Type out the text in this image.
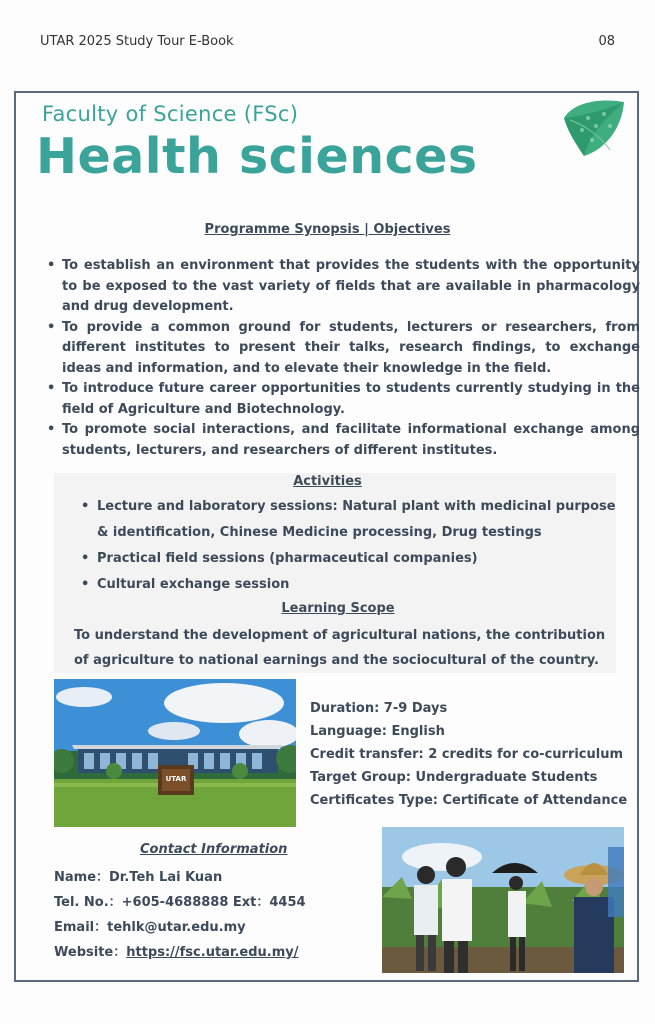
UTAR 2025 Study Tour E-Book	08
Faculty of Science (FSc)
Health sciences
Programme Synopsis | Objectives
• To establish an environment that provides the students with the opportunity to be exposed to the vast variety of fields that are available in pharmacology and drug development.
• To provide a common ground for students, lecturers or researchers, from different institutes to present their talks, research findings, to exchange ideas and information, and to elevate their knowledge in the field.
• To introduce future career opportunities to students currently studying in the field of Agriculture and Biotechnology.
• To promote social interactions, and facilitate informational exchange among students, lecturers, and researchers of different institutes.
Activities
• Lecture and laboratory sessions: Natural plant with medicinal purpose & identification, Chinese Medicine processing, Drug testings
• Practical field sessions (pharmaceutical companies)
• Cultural exchange session
Learning Scope
To understand the development of agricultural nations, the contribution of agriculture to national earnings and the sociocultural of the country.
UTAR
Duration: 7-9 Days
Language: English
Credit transfer: 2 credits for co-curriculum
Target Group: Undergraduate Students
Certificates Type: Certificate of Attendance
Contact Information
Name：Dr.Teh Lai Kuan
Tel. No.：+605-4688888 Ext：4454
Email：tehlk@utar.edu.my
Website：https://fsc.utar.edu.my/
